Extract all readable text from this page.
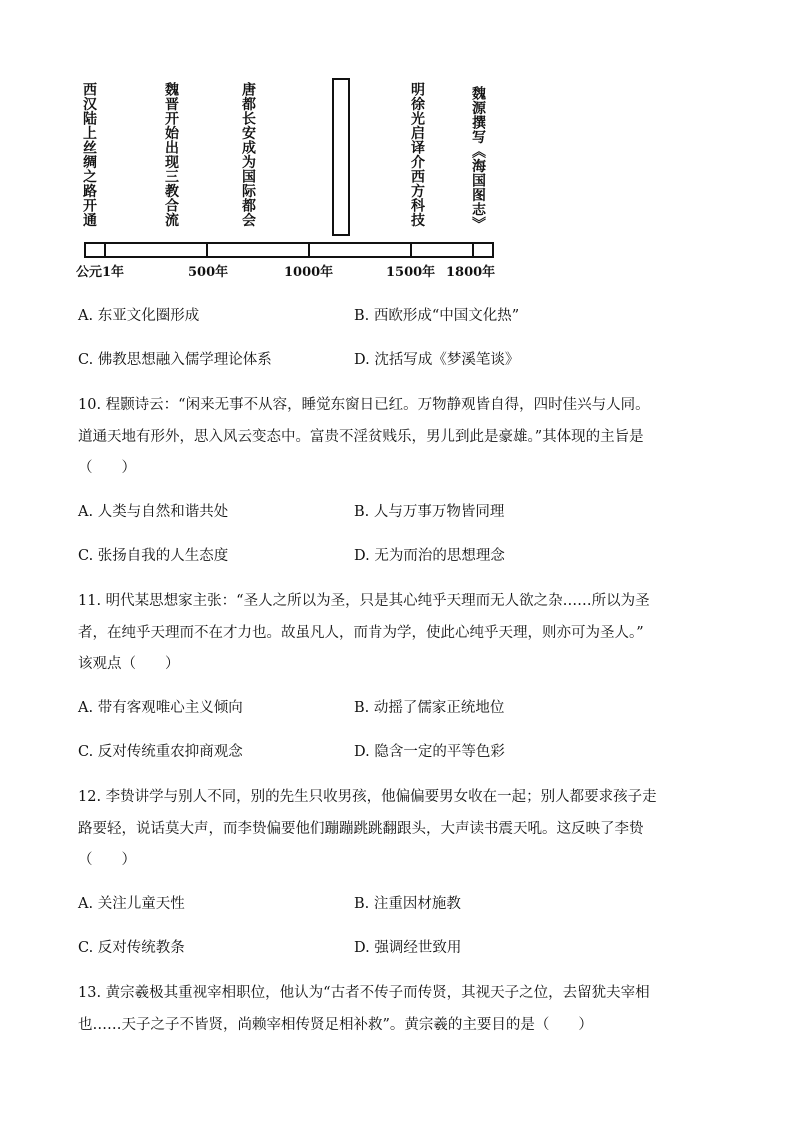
西汉陆上丝绸之路开通	魏晋开始出现三教合流	唐都长安成为国际都会	明徐光启译介西方科技	魏源撰写《海国图志》
公元1年	500年	1000年	1500年 1800年
A. 东亚文化圈形成	B. 西欧形成“中国文化热”
C. 佛教思想融入儒学理论体系	D. 沈括写成《梦溪笔谈》
10. 程颢诗云：“闲来无事不从容，睡觉东窗日已红。万物静观皆自得，四时佳兴与人同。
道通天地有形外，思入风云变态中。富贵不淫贫贱乐，男儿到此是豪雄。”其体现的主旨是
（　　）
A. 人类与自然和谐共处	B. 人与万事万物皆同理
C. 张扬自我的人生态度	D. 无为而治的思想理念
11. 明代某思想家主张：“圣人之所以为圣，只是其心纯乎天理而无人欲之杂……所以为圣
者，在纯乎天理而不在才力也。故虽凡人，而肯为学，使此心纯乎天理，则亦可为圣人。”
该观点（　　）
A. 带有客观唯心主义倾向	B. 动摇了儒家正统地位
C. 反对传统重农抑商观念	D. 隐含一定的平等色彩
12. 李贽讲学与别人不同，别的先生只收男孩，他偏偏要男女收在一起；别人都要求孩子走
路要轻，说话莫大声，而李贽偏要他们蹦蹦跳跳翻跟头，大声读书震天吼。这反映了李贽
（　　）
A. 关注儿童天性	B. 注重因材施教
C. 反对传统教条	D. 强调经世致用
13. 黄宗羲极其重视宰相职位，他认为“古者不传子而传贤，其视天子之位，去留犹夫宰相
也……天子之子不皆贤，尚赖宰相传贤足相补救”。黄宗羲的主要目的是（　　）
